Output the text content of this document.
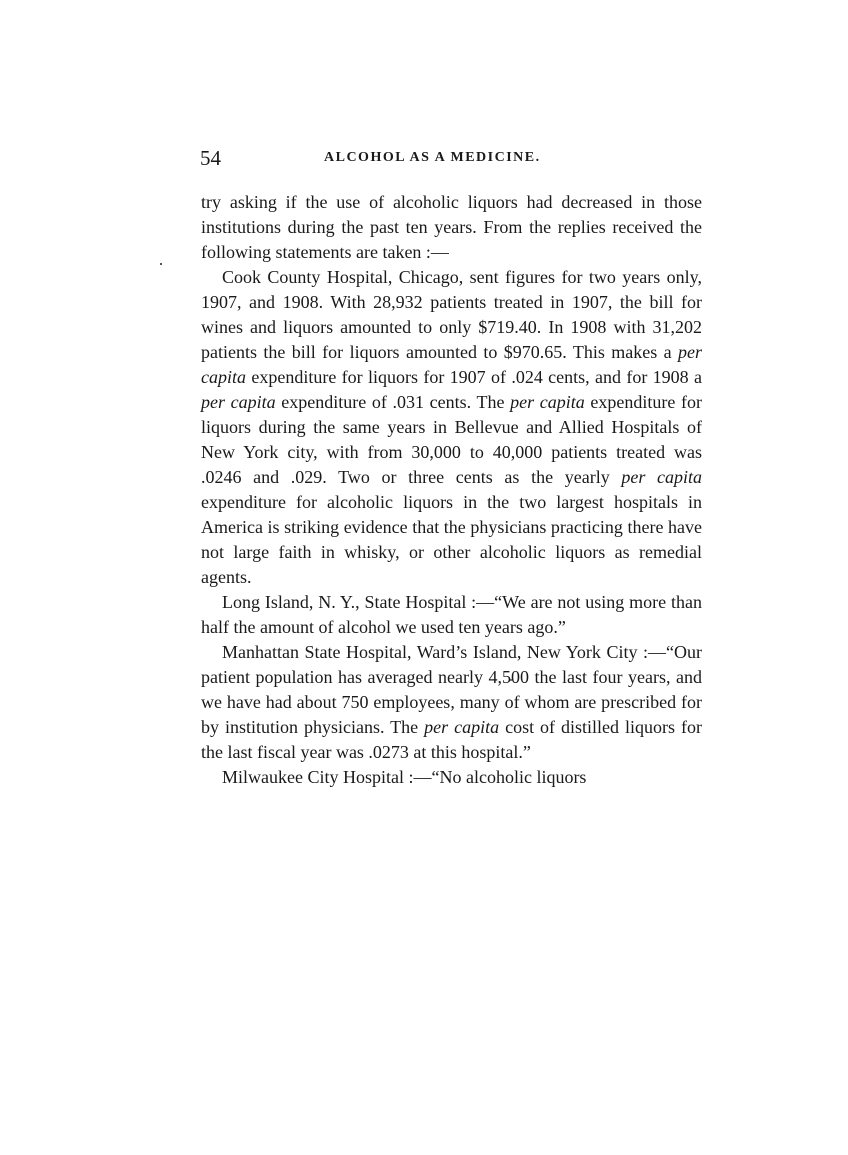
54	ALCOHOL AS A MEDICINE.

try asking if the use of alcoholic liquors had decreased in those institutions during the past ten years. From the replies received the following statements are taken :—

Cook County Hospital, Chicago, sent figures for two years only, 1907, and 1908. With 28,932 patients treated in 1907, the bill for wines and liquors amounted to only $719.40. In 1908 with 31,202 patients the bill for liquors amounted to $970.65. This makes a per capita expenditure for liquors for 1907 of .024 cents, and for 1908 a per capita expenditure of .031 cents. The per capita expenditure for liquors during the same years in Bellevue and Allied Hospitals of New York city, with from 30,000 to 40,000 patients treated was .0246 and .029. Two or three cents as the yearly per capita expenditure for alcoholic liquors in the two largest hospitals in America is striking evidence that the physicians practicing there have not large faith in whisky, or other alcoholic liquors as remedial agents.

Long Island, N. Y., State Hospital :—“We are not using more than half the amount of alcohol we used ten years ago.”

Manhattan State Hospital, Ward’s Island, New York City :—“Our patient population has averaged nearly 4,500 the last four years, and we have had about 750 employees, many of whom are prescribed for by institution physicians. The per capita cost of distilled liquors for the last fiscal year was .0273 at this hospital.”

Milwaukee City Hospital :—“No alcoholic liquors
